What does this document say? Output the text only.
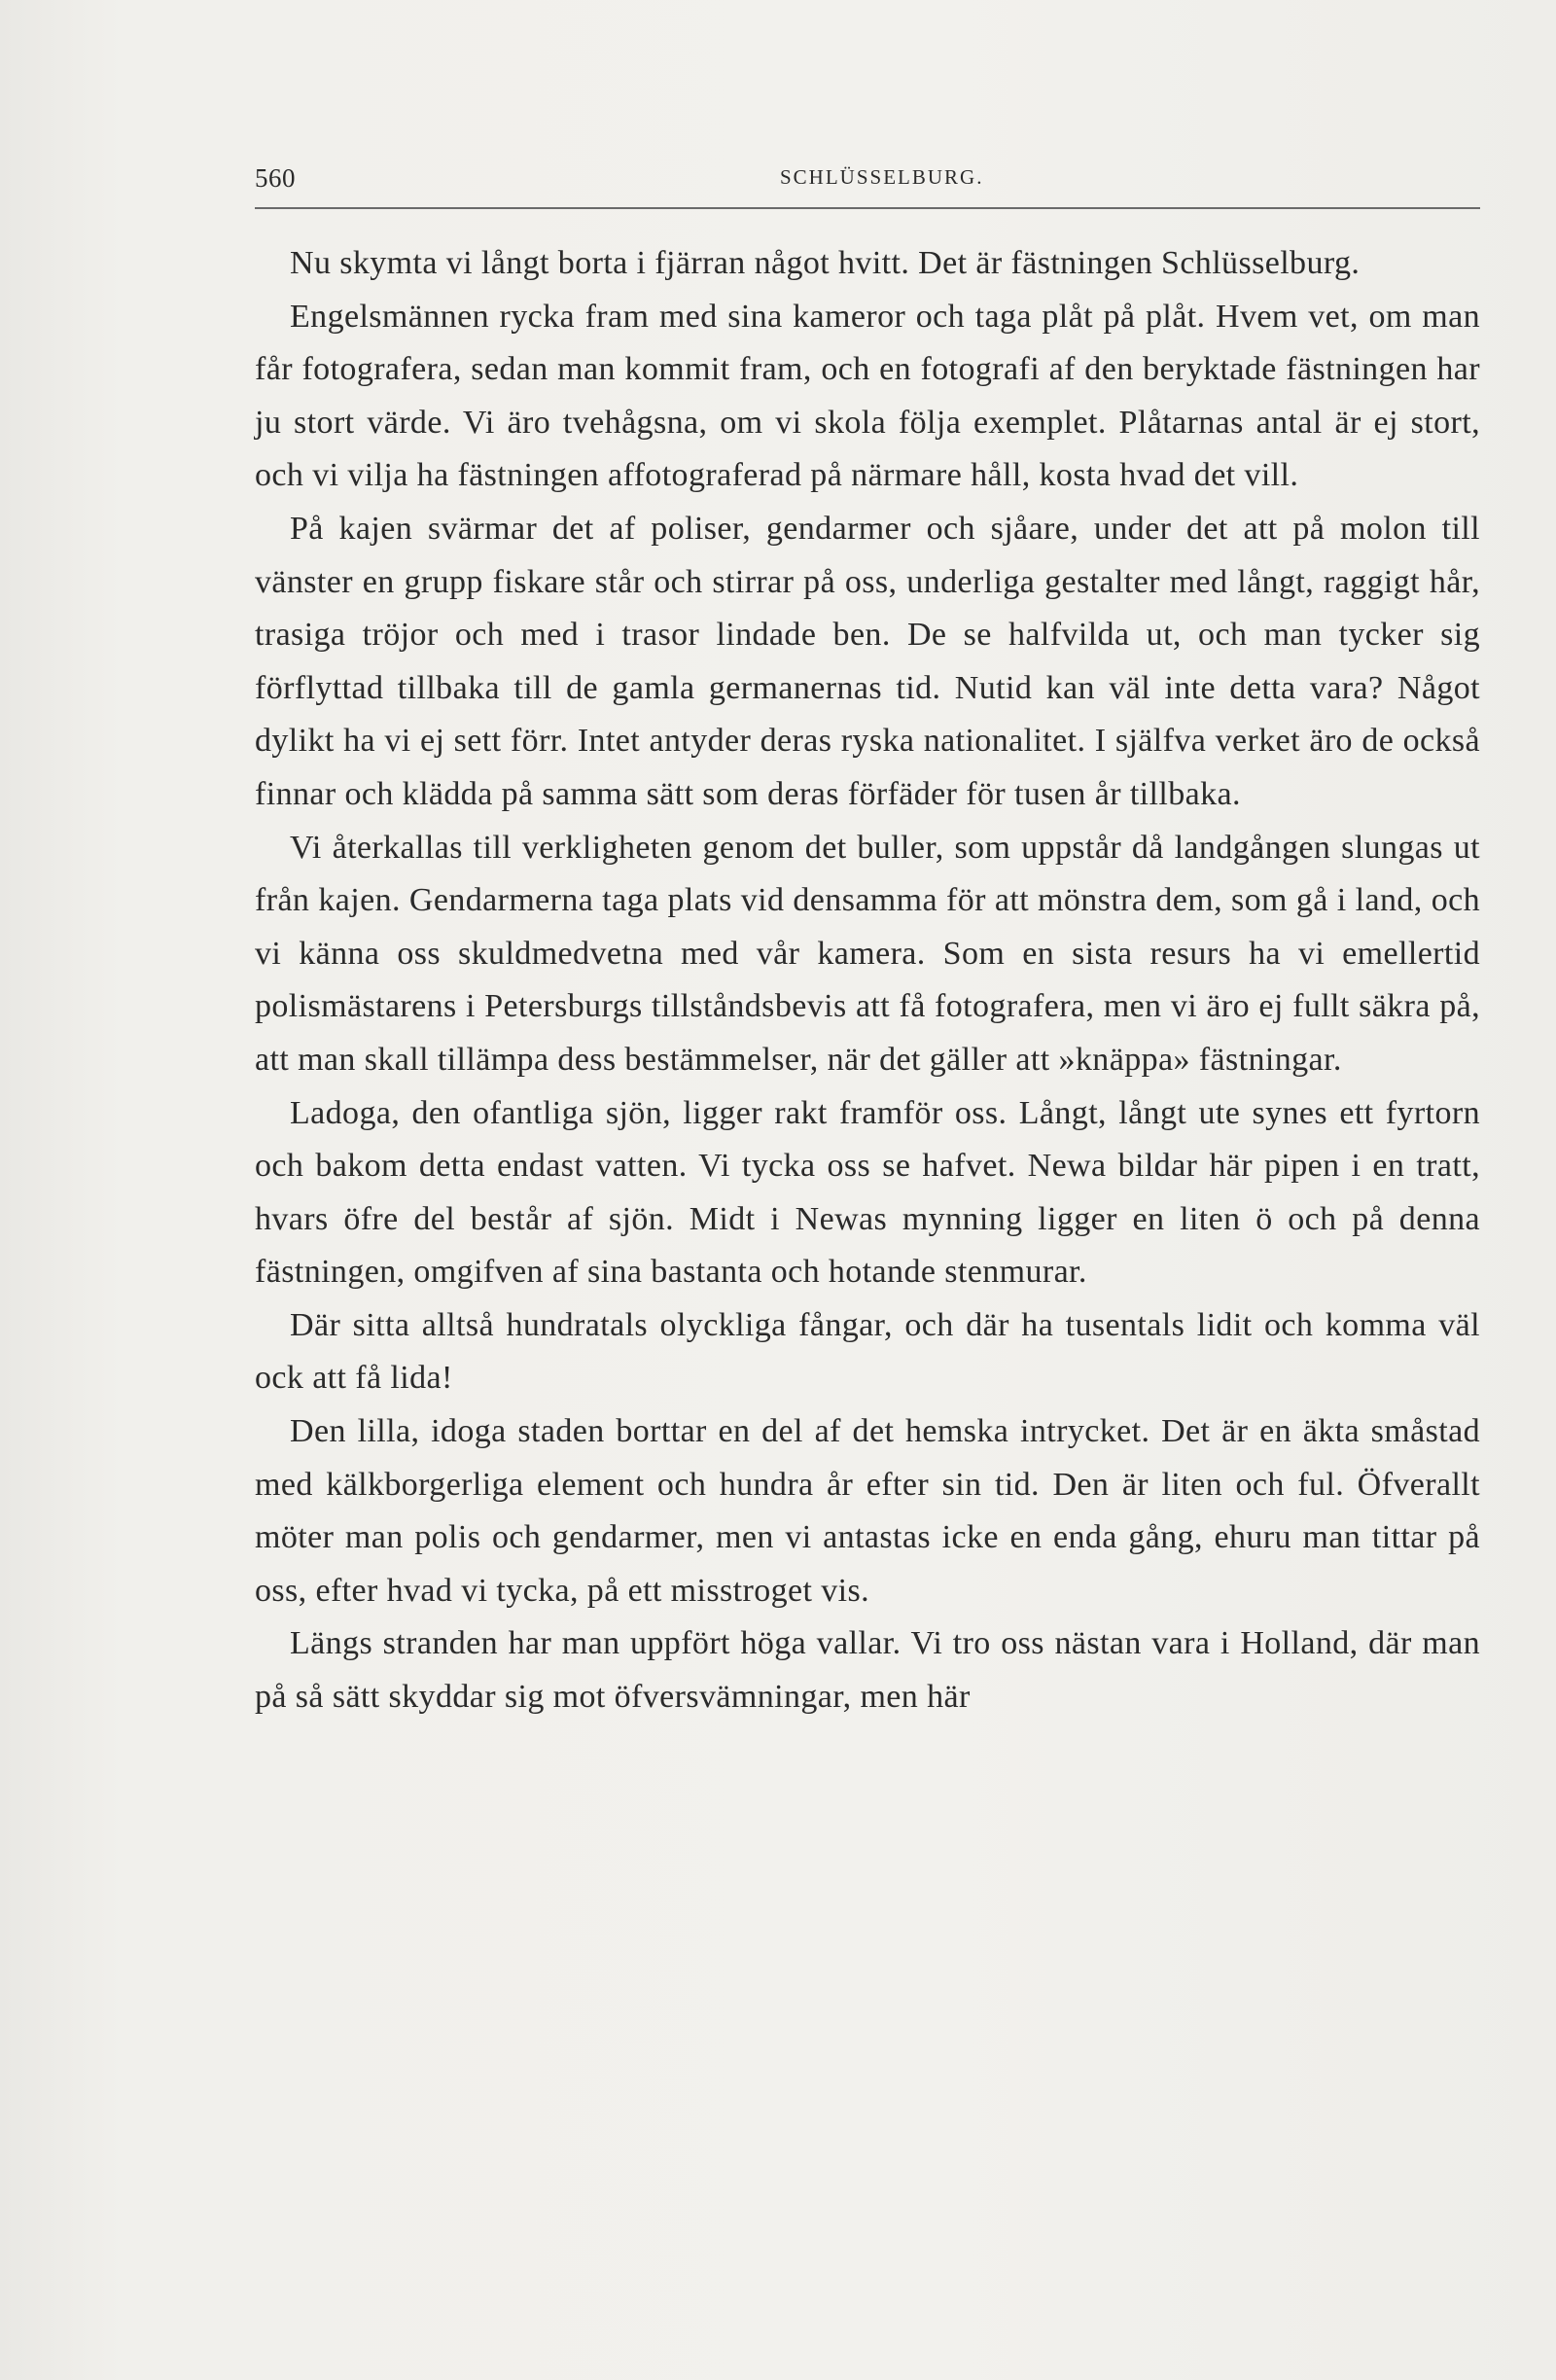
560	SCHLÜSSELBURG.

Nu skymta vi långt borta i fjärran något hvitt. Det är fästningen Schlüsselburg.

Engelsmännen rycka fram med sina kameror och taga plåt på plåt. Hvem vet, om man får fotografera, sedan man kommit fram, och en fotografi af den beryktade fästningen har ju stort värde. Vi äro tvehågsna, om vi skola följa exemplet. Plåtarnas antal är ej stort, och vi vilja ha fästningen affotograferad på närmare håll, kosta hvad det vill.

På kajen svärmar det af poliser, gendarmer och sjåare, under det att på molon till vänster en grupp fiskare står och stirrar på oss, underliga gestalter med långt, raggigt hår, trasiga tröjor och med i trasor lindade ben. De se halfvilda ut, och man tycker sig förflyttad tillbaka till de gamla germanernas tid. Nutid kan väl inte detta vara? Något dylikt ha vi ej sett förr. Intet antyder deras ryska nationalitet. I själfva verket äro de också finnar och klädda på samma sätt som deras förfäder för tusen år tillbaka.

Vi återkallas till verkligheten genom det buller, som uppstår då landgången slungas ut från kajen. Gendarmerna taga plats vid densamma för att mönstra dem, som gå i land, och vi känna oss skuldmedvetna med vår kamera. Som en sista resurs ha vi emellertid polismästarens i Petersburgs tillståndsbevis att få fotografera, men vi äro ej fullt säkra på, att man skall tillämpa dess bestämmelser, när det gäller att »knäppa» fästningar.

Ladoga, den ofantliga sjön, ligger rakt framför oss. Långt, långt ute synes ett fyrtorn och bakom detta endast vatten. Vi tycka oss se hafvet. Newa bildar här pipen i en tratt, hvars öfre del består af sjön. Midt i Newas mynning ligger en liten ö och på denna fästningen, omgifven af sina bastanta och hotande stenmurar.

Där sitta alltså hundratals olyckliga fångar, och där ha tusentals lidit och komma väl ock att få lida!

Den lilla, idoga staden borttar en del af det hemska intrycket. Det är en äkta småstad med kälkborgerliga element och hundra år efter sin tid. Den är liten och ful. Öfverallt möter man polis och gendarmer, men vi antastas icke en enda gång, ehuru man tittar på oss, efter hvad vi tycka, på ett misstroget vis.

Längs stranden har man uppfört höga vallar. Vi tro oss nästan vara i Holland, där man på så sätt skyddar sig mot öfversvämningar, men här
